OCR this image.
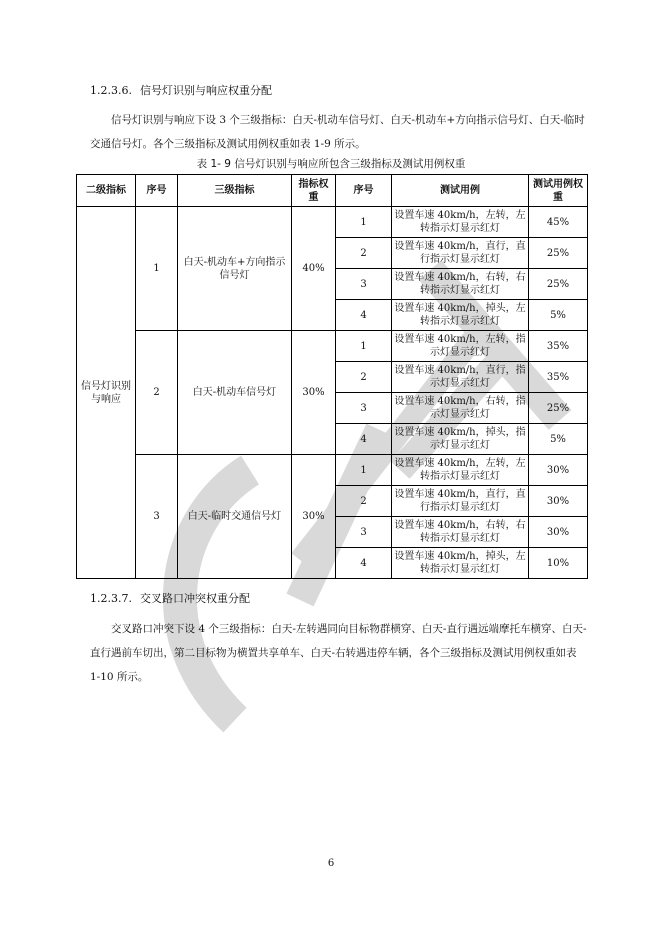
1.2.3.6. 信号灯识别与响应权重分配

信号灯识别与响应下设 3 个三级指标：白天-机动车信号灯、白天-机动车+方向指示信号灯、白天-临时交通信号灯。各个三级指标及测试用例权重如表 1-9 所示。

表 1- 9 信号灯识别与响应所包含三级指标及测试用例权重
二级指标	序号	三级指标	指标权重	序号	测试用例	测试用例权重
信号灯识别与响应	1	白天-机动车+方向指示信号灯	40%	1	设置车速 40km/h，左转，左转指示灯显示红灯	45%
				2	设置车速 40km/h，直行，直行指示灯显示红灯	25%
				3	设置车速 40km/h，右转，右转指示灯显示红灯	25%
				4	设置车速 40km/h，掉头，左转指示灯显示红灯	5%
	2	白天-机动车信号灯	30%	1	设置车速 40km/h，左转，指示灯显示红灯	35%
				2	设置车速 40km/h，直行，指示灯显示红灯	35%
				3	设置车速 40km/h，右转，指示灯显示红灯	25%
				4	设置车速 40km/h，掉头，指示灯显示红灯	5%
	3	白天-临时交通信号灯	30%	1	设置车速 40km/h，左转，左转指示灯显示红灯	30%
				2	设置车速 40km/h，直行，直行指示灯显示红灯	30%
				3	设置车速 40km/h，右转，右转指示灯显示红灯	30%
				4	设置车速 40km/h，掉头，左转指示灯显示红灯	10%
1.2.3.7. 交叉路口冲突权重分配

交叉路口冲突下设 4 个三级指标：白天-左转遇同向目标物群横穿、白天-直行遇远端摩托车横穿、白天-直行遇前车切出，第二目标物为横置共享单车、白天-右转遇违停车辆，各个三级指标及测试用例权重如表 1-10 所示。

6
